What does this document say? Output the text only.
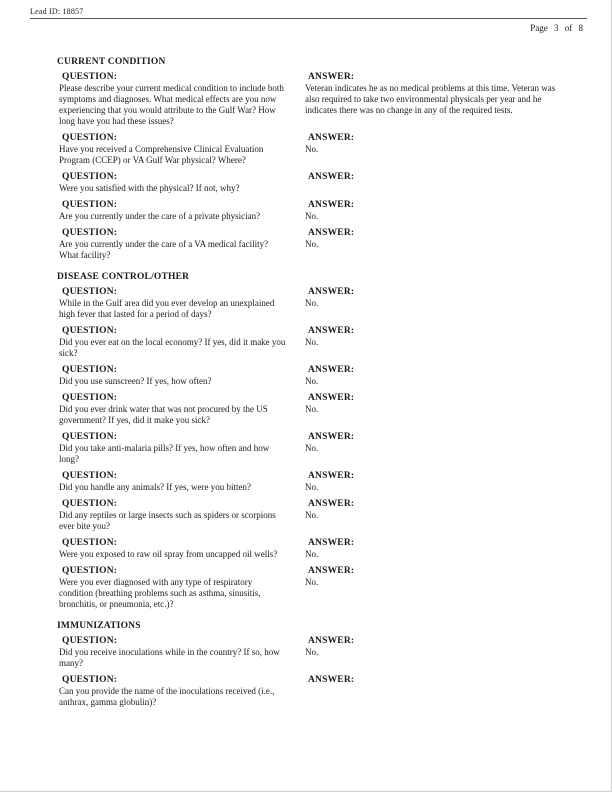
Lead ID: 18857
Page 3 of 8
CURRENT CONDITION
QUESTION:
Please describe your current medical condition to include both symptoms and diagnoses. What medical effects are you now experiencing that you would attribute to the Gulf War? How long have you had these issues?
ANSWER:
Veteran indicates he as no medical problems at this time. Veteran was also required to take two environmental physicals per year and he indicates there was no change in any of the required tests.
QUESTION:
Have you received a Comprehensive Clinical Evaluation Program (CCEP) or VA Gulf War physical? Where?
ANSWER:
No.
QUESTION:
Were you satisfied with the physical? If not, why?
ANSWER:
QUESTION:
Are you currently under the care of a private physician?
ANSWER:
No.
QUESTION:
Are you currently under the care of a VA medical facility? What facility?
ANSWER:
No.
DISEASE CONTROL/OTHER
QUESTION:
While in the Gulf area did you ever develop an unexplained high fever that lasted for a period of days?
ANSWER:
No.
QUESTION:
Did you ever eat on the local economy? If yes, did it make you sick?
ANSWER:
No.
QUESTION:
Did you use sunscreen? If yes, how often?
ANSWER:
No.
QUESTION:
Did you ever drink water that was not procured by the US government? If yes, did it make you sick?
ANSWER:
No.
QUESTION:
Did you take anti-malaria pills? If yes, how often and how long?
ANSWER:
No.
QUESTION:
Did you handle any animals? If yes, were you bitten?
ANSWER:
No.
QUESTION:
Did any reptiles or large insects such as spiders or scorpions ever bite you?
ANSWER:
No.
QUESTION:
Were you exposed to raw oil spray from uncapped oil wells?
ANSWER:
No.
QUESTION:
Were you ever diagnosed with any type of respiratory condition (breathing problems such as asthma, sinusitis, bronchitis, or pneumonia, etc.)?
ANSWER:
No.
IMMUNIZATIONS
QUESTION:
Did you receive inoculations while in the country? If so, how many?
ANSWER:
No.
QUESTION:
Can you provide the name of the inoculations received (i.e., anthrax, gamma globulin)?
ANSWER:
